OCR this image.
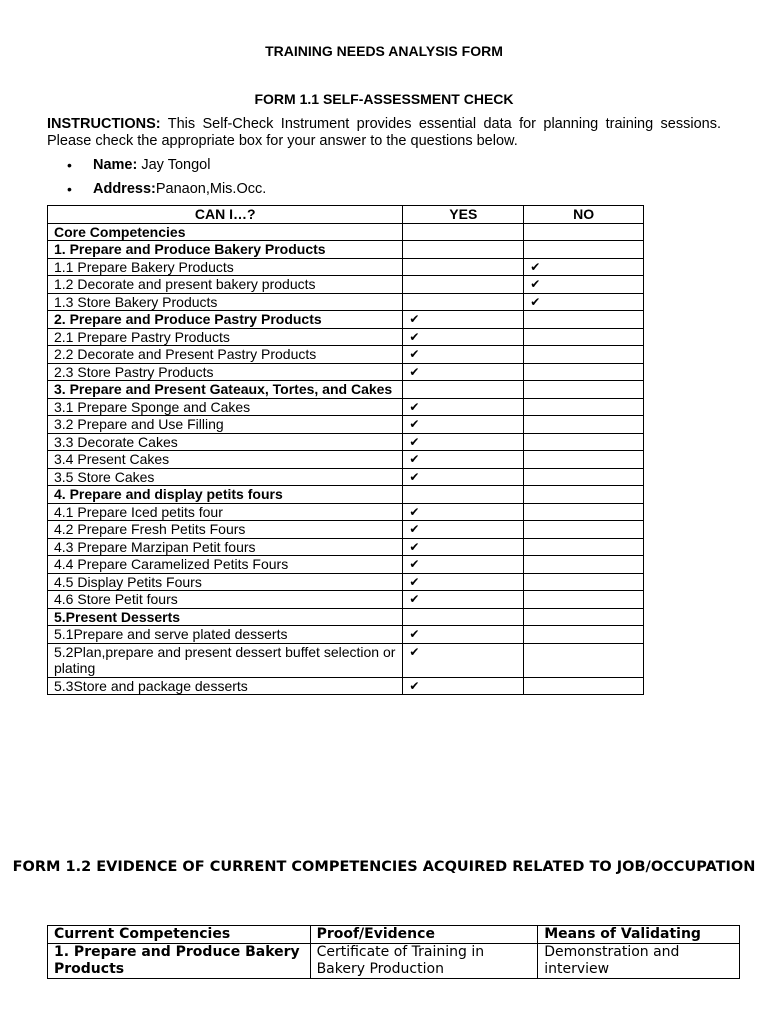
TRAINING NEEDS ANALYSIS FORM
FORM 1.1 SELF-ASSESSMENT CHECK
INSTRUCTIONS: This Self-Check Instrument provides essential data for planning training sessions. Please check the appropriate box for your answer to the questions below.
• Name: Jay Tongol
• Address:Panaon,Mis.Occ.
CAN I…?	YES	NO
Core Competencies		
1. Prepare and Produce Bakery Products		
1.1 Prepare Bakery Products		✔
1.2 Decorate and present bakery products		✔
1.3 Store Bakery Products		✔
2. Prepare and Produce Pastry Products	✔	
2.1 Prepare Pastry Products	✔	
2.2 Decorate and Present Pastry Products	✔	
2.3 Store Pastry Products	✔	
3. Prepare and Present Gateaux, Tortes, and Cakes		
3.1 Prepare Sponge and Cakes	✔	
3.2 Prepare and Use Filling	✔	
3.3 Decorate Cakes	✔	
3.4 Present Cakes	✔	
3.5 Store Cakes	✔	
4. Prepare and display petits fours		
4.1 Prepare Iced petits four	✔	
4.2 Prepare Fresh Petits Fours	✔	
4.3 Prepare Marzipan Petit fours	✔	
4.4 Prepare Caramelized Petits Fours	✔	
4.5 Display Petits Fours	✔	
4.6 Store Petit fours	✔	
5.Present Desserts		
5.1Prepare and serve plated desserts	✔	
5.2Plan,prepare and present dessert buffet selection or plating	✔	
5.3Store and package desserts	✔	
FORM 1.2 EVIDENCE OF CURRENT COMPETENCIES ACQUIRED RELATED TO JOB/OCCUPATION
Current Competencies	Proof/Evidence	Means of Validating
1. Prepare and Produce Bakery Products	Certificate of Training in Bakery Production	Demonstration and interview
